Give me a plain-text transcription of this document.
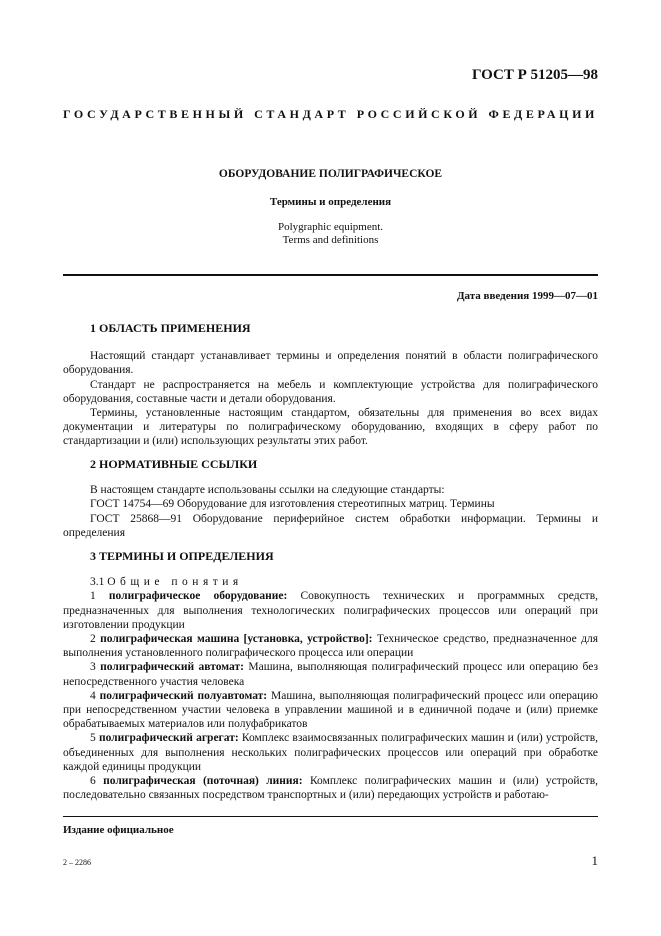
ГОСТ Р 51205—98
ГОСУДАРСТВЕННЫЙ СТАНДАРТ РОССИЙСКОЙ ФЕДЕРАЦИИ
ОБОРУДОВАНИЕ ПОЛИГРАФИЧЕСКОЕ
Термины и определения
Polygraphic equipment.
Terms and definitions
Дата введения 1999—07—01

1 ОБЛАСТЬ ПРИМЕНЕНИЯ

Настоящий стандарт устанавливает термины и определения понятий в области полиграфического оборудования.

Стандарт не распространяется на мебель и комплектующие устройства для полиграфического оборудования, составные части и детали оборудования.

Термины, установленные настоящим стандартом, обязательны для применения во всех видах документации и литературы по полиграфическому оборудованию, входящих в сферу работ по стандартизации и (или) использующих результаты этих работ.

2 НОРМАТИВНЫЕ ССЫЛКИ

В настоящем стандарте использованы ссылки на следующие стандарты:

ГОСТ 14754—69 Оборудование для изготовления стереотипных матриц. Термины

ГОСТ 25868—91 Оборудование периферийное систем обработки информации. Термины и определения

3 ТЕРМИНЫ И ОПРЕДЕЛЕНИЯ

3.1 Общие понятия

1 полиграфическое оборудование: Совокупность технических и программных средств, предназначенных для выполнения технологических полиграфических процессов или операций при изготовлении продукции

2 полиграфическая машина [установка, устройство]: Техническое средство, предназначенное для выполнения установленного полиграфического процесса или операции

3 полиграфический автомат: Машина, выполняющая полиграфический процесс или операцию без непосредственного участия человека

4 полиграфический полуавтомат: Машина, выполняющая полиграфический процесс или операцию при непосредственном участии человека в управлении машиной и в единичной подаче и (или) приемке обрабатываемых материалов или полуфабрикатов

5 полиграфический агрегат: Комплекс взаимосвязанных полиграфических машин и (или) устройств, объединенных для выполнения нескольких полиграфических процессов или операций при обработке каждой единицы продукции

6 полиграфическая (поточная) линия: Комплекс полиграфических машин и (или) устройств, последовательно связанных посредством транспортных и (или) передающих устройств и работаю-

Издание официальное
2 – 2286	1
